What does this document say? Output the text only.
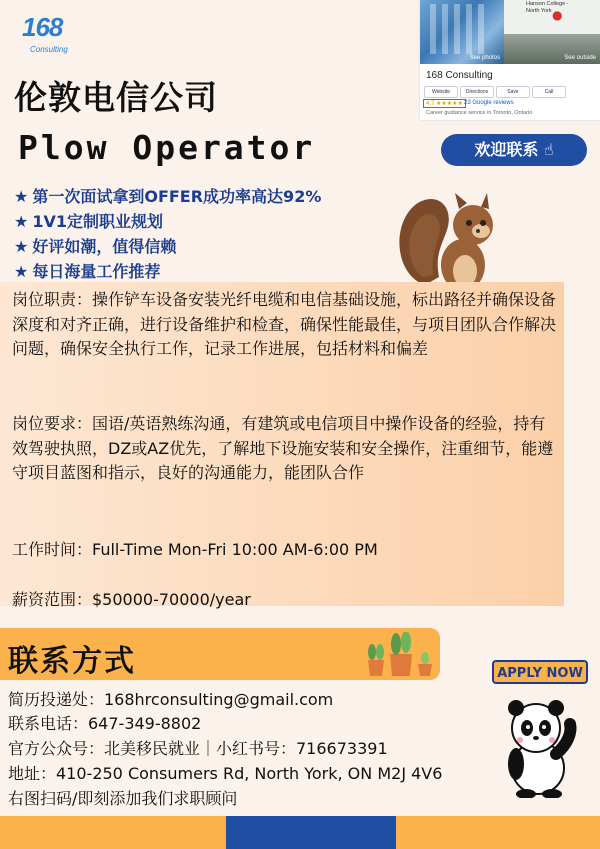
168
Consulting
See photos
Hanson College - North York ●
See outside
168 Consulting
Website	Directions	Save	Call
4.7 ★★★★★ 23 Google reviews
Career guidance service in Toronto, Ontario
伦敦电信公司
Plow Operator	欢迎联系 ☝
★ 第一次面试拿到OFFER成功率高达92%
★ 1V1定制职业规划
★ 好评如潮，值得信赖
★ 每日海量工作推荐
岗位职责：操作铲车设备安装光纤电缆和电信基础设施，标出路径并确保设备深度和对齐正确，进行设备维护和检查，确保性能最佳，与项目团队合作解决问题，确保安全执行工作，记录工作进展，包括材料和偏差
岗位要求：国语/英语熟练沟通，有建筑或电信项目中操作设备的经验，持有效驾驶执照，DZ或AZ优先，了解地下设施安装和安全操作，注重细节，能遵守项目蓝图和指示，良好的沟通能力，能团队合作
工作时间：Full-Time Mon-Fri 10:00 AM-6:00 PM
薪资范围：$50000-70000/year
联系方式	APPLY NOW
简历投递处：168hrconsulting@gmail.com
联系电话：647-349-8802
官方公众号：北美移民就业｜小红书号：716673391
地址：410-250 Consumers Rd, North York, ON M2J 4V6
右图扫码/即刻添加我们求职顾问
